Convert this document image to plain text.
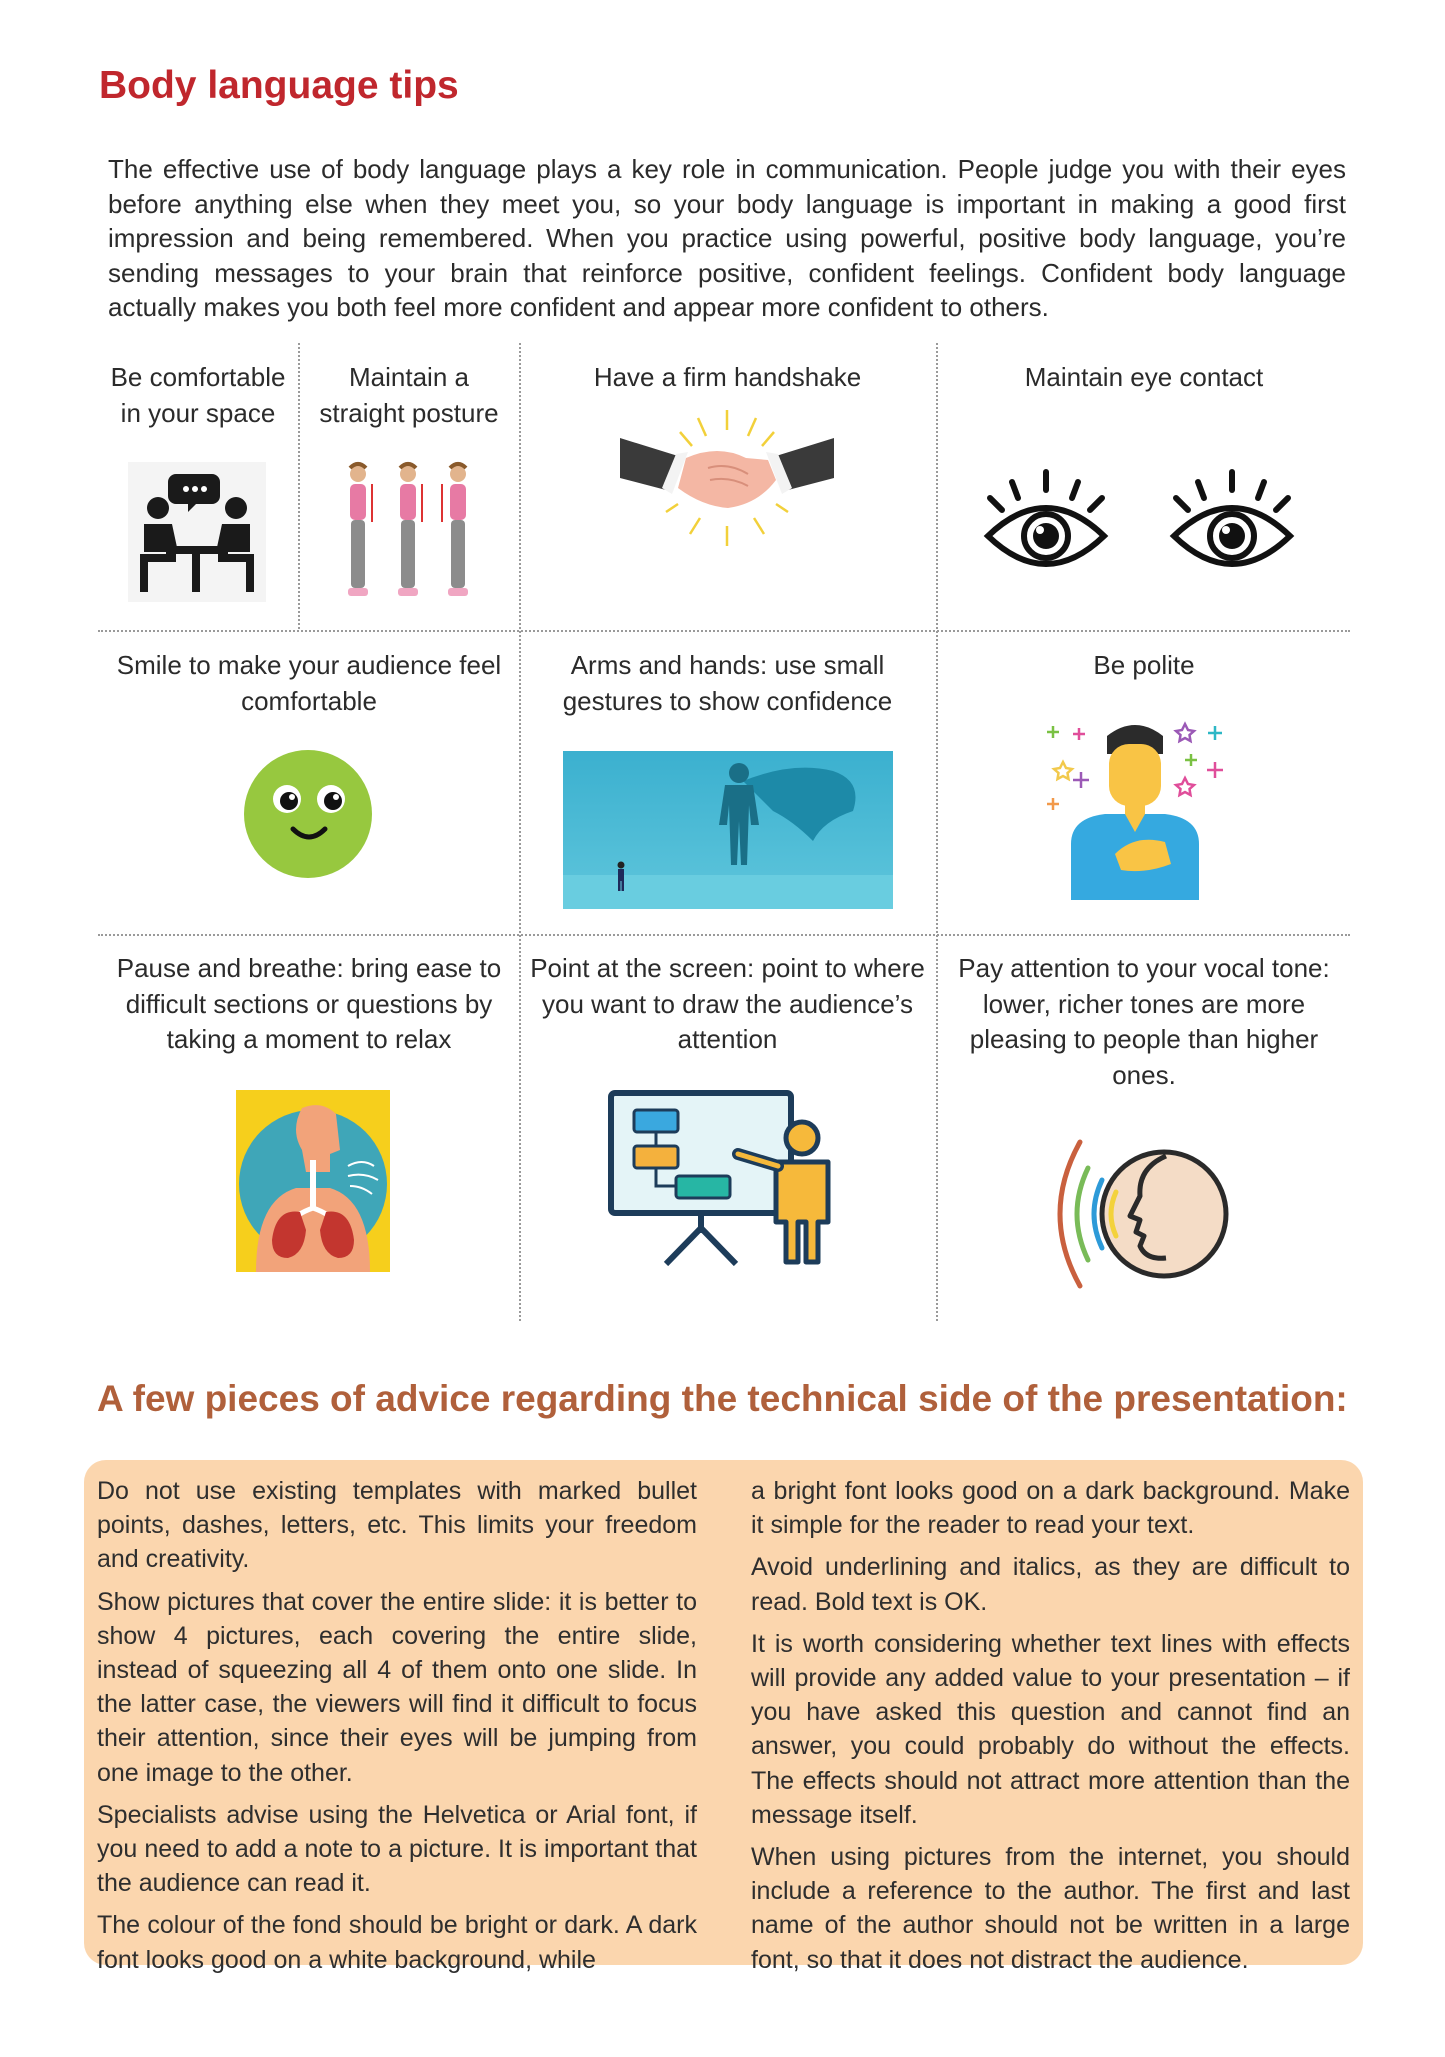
Body language tips

The effective use of body language plays a key role in communication. People judge you with their eyes before anything else when they meet you, so your body language is important in making a good first impression and being remembered. When you practice using powerful, positive body language, you’re sending messages to your brain that reinforce positive, confident feelings. Confident body language actually makes you both feel more confident and appear more confident to others.

Be comfortable in your space

Maintain a straight posture

Have a firm handshake	Maintain eye contact

Smile to make your audience feel comfortable

Arms and hands: use small gestures to show confidence

Be polite

Pause and breathe: bring ease to difficult sections or questions by taking a moment to relax

Point at the screen: point to where you want to draw the audience’s attention

Pay attention to your vocal tone: lower, richer tones are more pleasing to people than higher ones.

A few pieces of advice regarding the technical side of the presentation:

Do not use existing templates with marked bullet points, dashes, letters, etc. This limits your freedom and creativity.

Show pictures that cover the entire slide: it is better to show 4 pictures, each covering the entire slide, instead of squeezing all 4 of them onto one slide. In the latter case, the viewers will find it difficult to focus their attention, since their eyes will be jumping from one image to the other.

Specialists advise using the Helvetica or Arial font, if you need to add a note to a picture. It is important that the audience can read it.

The colour of the fond should be bright or dark. A dark font looks good on a white background, while

a bright font looks good on a dark background. Make it simple for the reader to read your text.

Avoid underlining and italics, as they are difficult to read. Bold text is OK.

It is worth considering whether text lines with effects will provide any added value to your presentation – if you have asked this question and cannot find an answer, you could probably do without the effects. The effects should not attract more attention than the message itself.

When using pictures from the internet, you should include a reference to the author. The first and last name of the author should not be written in a large font, so that it does not distract the audience.
